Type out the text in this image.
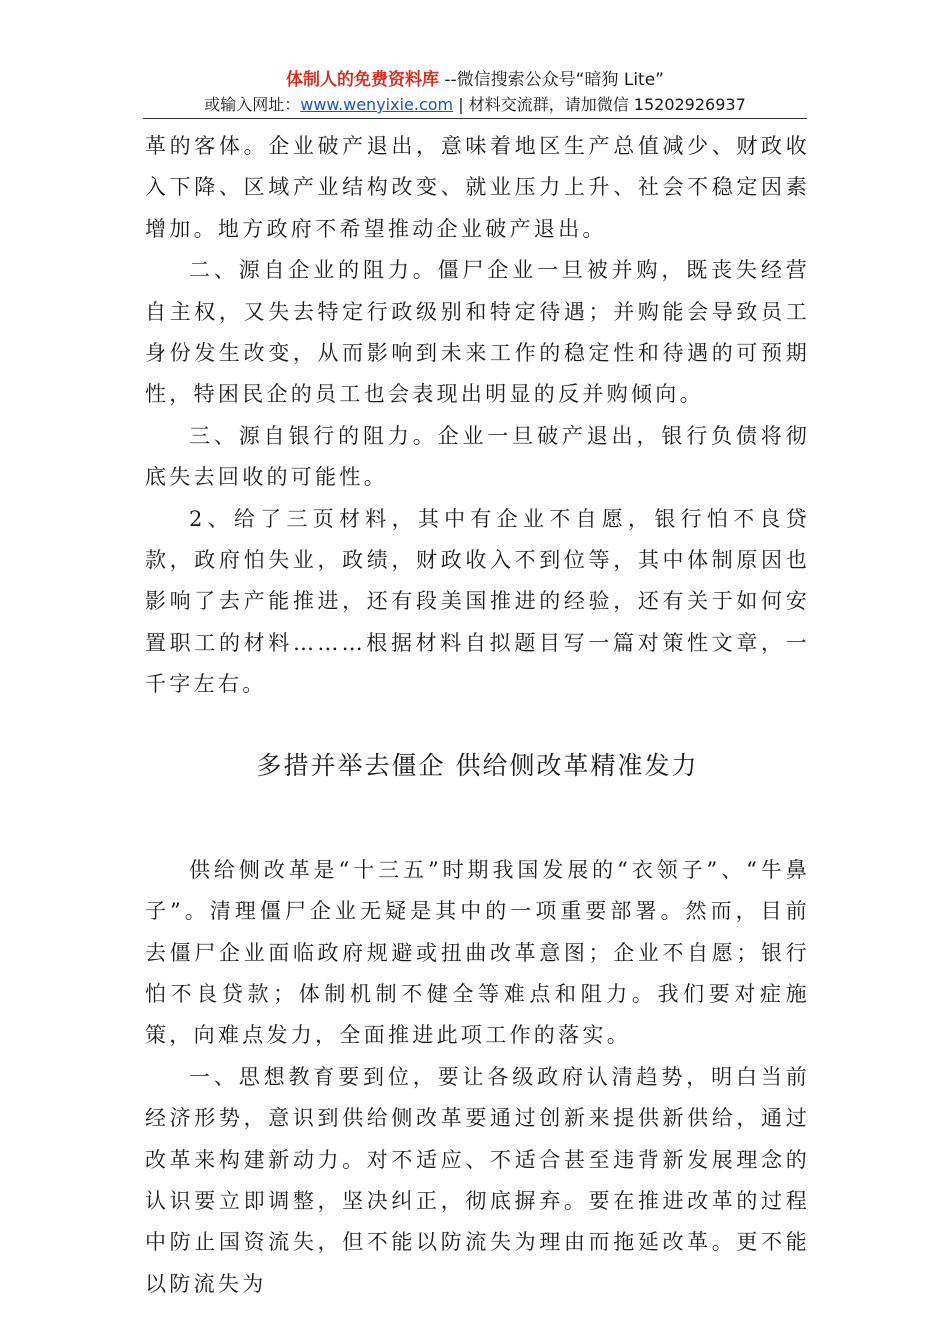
体制人的免费资料库 --微信搜索公众号“暗狗 Lite”
或输入网址：www.wenyixie.com | 材料交流群，请加微信 15202926937

革的客体。企业破产退出，意味着地区生产总值减少、财政收入下降、区域产业结构改变、就业压力上升、社会不稳定因素增加。地方政府不希望推动企业破产退出。

二、源自企业的阻力。僵尸企业一旦被并购，既丧失经营自主权，又失去特定行政级别和特定待遇；并购能会导致员工身份发生改变，从而影响到未来工作的稳定性和待遇的可预期性，特困民企的员工也会表现出明显的反并购倾向。

三、源自银行的阻力。企业一旦破产退出，银行负债将彻底失去回收的可能性。

2、给了三页材料，其中有企业不自愿，银行怕不良贷款，政府怕失业，政绩，财政收入不到位等，其中体制原因也影响了去产能推进，还有段美国推进的经验，还有关于如何安置职工的材料………根据材料自拟题目写一篇对策性文章，一千字左右。

多措并举去僵企 供给侧改革精准发力

供给侧改革是“十三五”时期我国发展的“衣领子”、“牛鼻子”。清理僵尸企业无疑是其中的一项重要部署。然而，目前去僵尸企业面临政府规避或扭曲改革意图；企业不自愿；银行怕不良贷款；体制机制不健全等难点和阻力。我们要对症施策，向难点发力，全面推进此项工作的落实。

一、思想教育要到位，要让各级政府认清趋势，明白当前经济形势，意识到供给侧改革要通过创新来提供新供给，通过改革来构建新动力。对不适应、不适合甚至违背新发展理念的认识要立即调整，坚决纠正，彻底摒弃。要在推进改革的过程中防止国资流失，但不能以防流失为理由而拖延改革。更不能以防流失为
